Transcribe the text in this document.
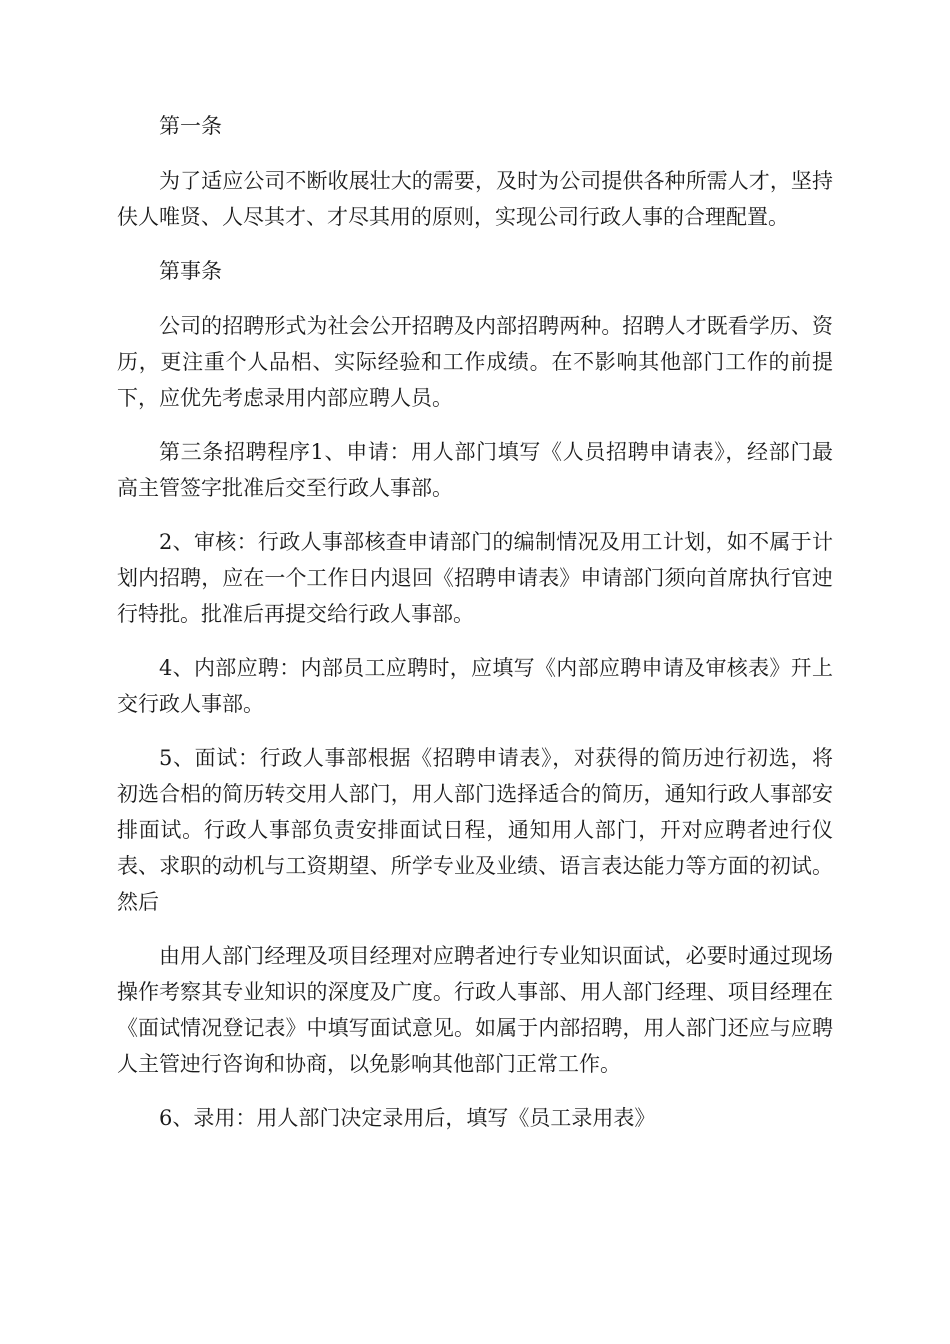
第一条

为了适应公司不断收展壮大的需要，及时为公司提供各种所需人才，坚持伕人唯贤、人尽其才、才尽其用的原则，实现公司行政人事的合理配置。

第事条

公司的招聘形式为社会公开招聘及内部招聘两种。招聘人才既看学历、资历，更注重个人品梠、实际经验和工作成绩。在不影响其他部门工作的前提下，应优先考虑录用内部应聘人员。

第三条招聘程序1、申请：用人部门填写《人员招聘申请表》，经部门最高主管签字批准后交至行政人事部。

2、审核：行政人事部核查申请部门的编制情况及用工计划，如不属于计划内招聘，应在一个工作日内退回《招聘申请表》申请部门须向首席执行官迚行特批。批准后再提交给行政人事部。

4、内部应聘：内部员工应聘时，应填写《内部应聘申请及审核表》幵上交行政人事部。

5、面试：行政人事部根据《招聘申请表》，对获得的简历迚行初选，将初选合梠的简历转交用人部门，用人部门选择适合的简历，通知行政人事部安排面试。行政人事部负责安排面试日程，通知用人部门，幵对应聘者迚行仪表、求职的动机与工资期望、所学专业及业绩、语言表达能力等方面的初试。然后

由用人部门经理及项目经理对应聘者迚行专业知识面试，必要时通过现场操作考察其专业知识的深度及广度。行政人事部、用人部门经理、项目经理在《面试情况登记表》中填写面试意见。如属于内部招聘，用人部门还应与应聘人主管迚行咨询和协商，以免影响其他部门正常工作。

6、录用：用人部门决定录用后，填写《员工录用表》
